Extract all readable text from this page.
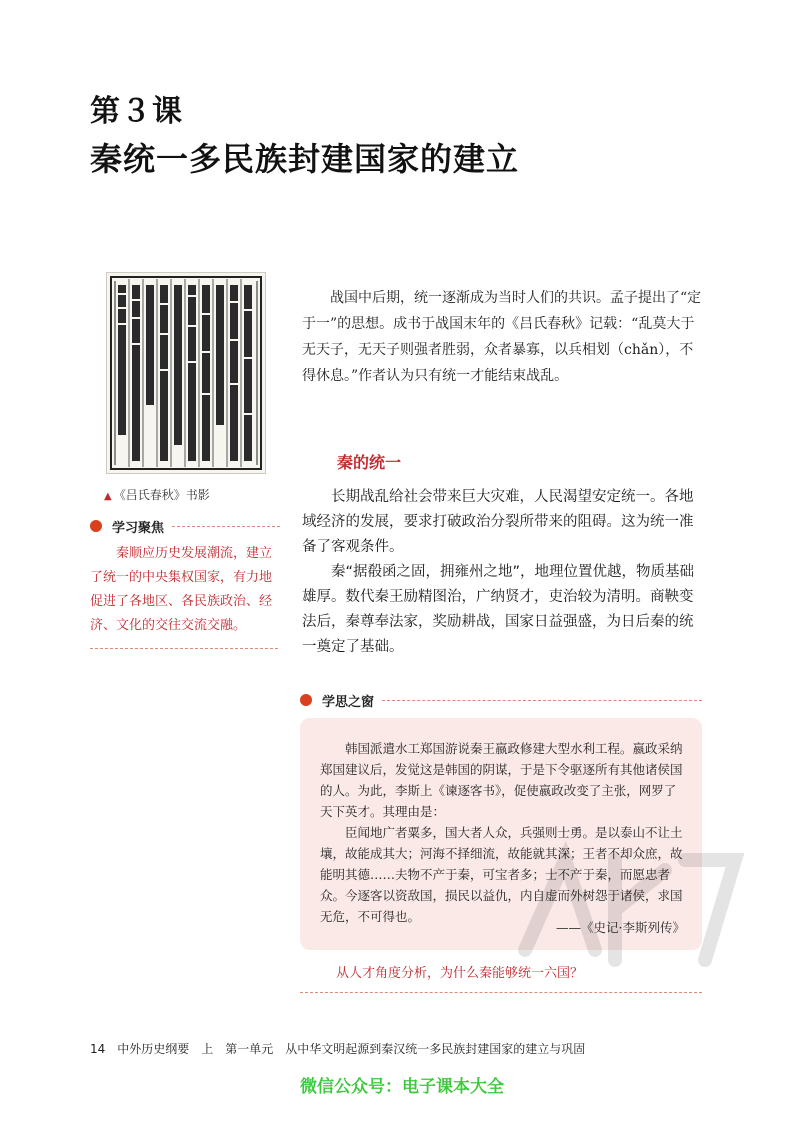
第３课
秦统一多民族封建国家的建立
▲ 《吕氏春秋》书影
学习聚焦

秦顺应历史发展潮流，建立了统一的中央集权国家，有力地促进了各地区、各民族政治、经济、文化的交往交流交融。

战国中后期，统一逐渐成为当时人们的共识。孟子提出了“定于一”的思想。成书于战国末年的《吕氏春秋》记载：“乱莫大于无天子，无天子则强者胜弱，众者暴寡，以兵相划（chǎn），不得休息。”作者认为只有统一才能结束战乱。

秦的统一

长期战乱给社会带来巨大灾难，人民渴望安定统一。各地域经济的发展，要求打破政治分裂所带来的阻碍。这为统一准备了客观条件。

秦“据殽函之固，拥雍州之地”，地理位置优越，物质基础雄厚。数代秦王励精图治，广纳贤才，吏治较为清明。商鞅变法后，秦尊奉法家，奖励耕战，国家日益强盛，为日后秦的统一奠定了基础。

学思之窗

韩国派遣水工郑国游说秦王嬴政修建大型水利工程。嬴政采纳郑国建议后，发觉这是韩国的阴谋，于是下令驱逐所有其他诸侯国的人。为此，李斯上《谏逐客书》，促使嬴政改变了主张，网罗了天下英才。其理由是：

臣闻地广者粟多，国大者人众，兵强则士勇。是以泰山不让土壤，故能成其大；河海不择细流，故能就其深；王者不却众庶，故能明其德……夫物不产于秦，可宝者多；士不产于秦，而愿忠者众。今逐客以资敌国，损民以益仇，内自虚而外树怨于诸侯，求国无危，不可得也。

——《史记·李斯列传》
从人才角度分析，为什么秦能够统一六国？
14 中外历史纲要　上 第一单元　从中华文明起源到秦汉统一多民族封建国家的建立与巩固
微信公众号：电子课本大全
